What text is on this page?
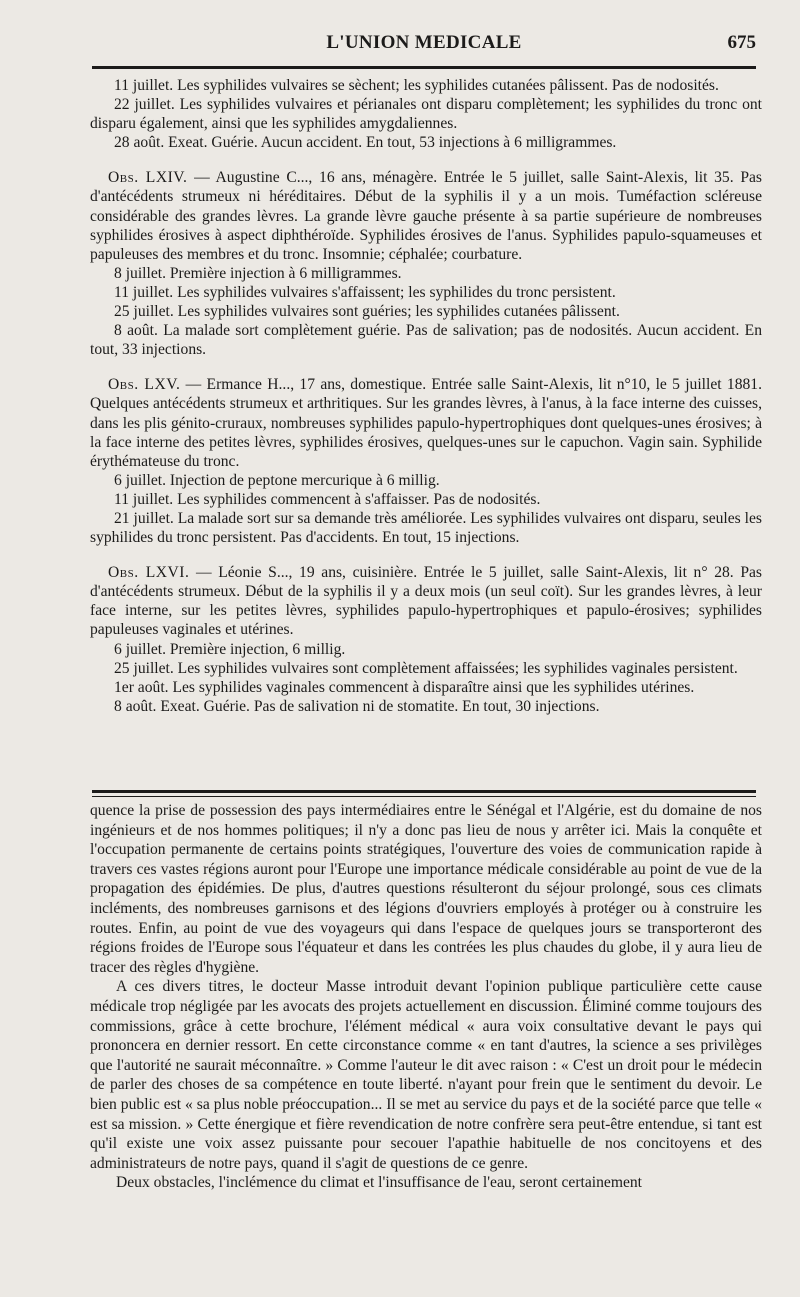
L'UNION MEDICALE	675

11 juillet. Les syphilides vulvaires se sèchent; les syphilides cutanées pâlissent. Pas de nodosités.

22 juillet. Les syphilides vulvaires et périanales ont disparu complètement; les syphilides du tronc ont disparu également, ainsi que les syphilides amygdaliennes.

28 août. Exeat. Guérie. Aucun accident. En tout, 53 injections à 6 milligrammes.

Obs. LXIV. — Augustine C..., 16 ans, ménagère. Entrée le 5 juillet, salle Saint-Alexis, lit 35. Pas d'antécédents strumeux ni héréditaires. Début de la syphilis il y a un mois. Tuméfaction scléreuse considérable des grandes lèvres. La grande lèvre gauche présente à sa partie supérieure de nombreuses syphilides érosives à aspect diphthéroïde. Syphilides érosives de l'anus. Syphilides papulo-squameuses et papuleuses des membres et du tronc. Insomnie; céphalée; courbature.

8 juillet. Première injection à 6 milligrammes.

11 juillet. Les syphilides vulvaires s'affaissent; les syphilides du tronc persistent.

25 juillet. Les syphilides vulvaires sont guéries; les syphilides cutanées pâlissent.

8 août. La malade sort complètement guérie. Pas de salivation; pas de nodosités. Aucun accident. En tout, 33 injections.

Obs. LXV. — Ermance H..., 17 ans, domestique. Entrée salle Saint-Alexis, lit n°10, le 5 juillet 1881. Quelques antécédents strumeux et arthritiques. Sur les grandes lèvres, à l'anus, à la face interne des cuisses, dans les plis génito-cruraux, nombreuses syphilides papulo-hypertrophiques dont quelques-unes érosives; à la face interne des petites lèvres, syphilides érosives, quelques-unes sur le capuchon. Vagin sain. Syphilide érythémateuse du tronc.

6 juillet. Injection de peptone mercurique à 6 millig.

11 juillet. Les syphilides commencent à s'affaisser. Pas de nodosités.

21 juillet. La malade sort sur sa demande très améliorée. Les syphilides vulvaires ont disparu, seules les syphilides du tronc persistent. Pas d'accidents. En tout, 15 injections.

Obs. LXVI. — Léonie S..., 19 ans, cuisinière. Entrée le 5 juillet, salle Saint-Alexis, lit n° 28. Pas d'antécédents strumeux. Début de la syphilis il y a deux mois (un seul coït). Sur les grandes lèvres, à leur face interne, sur les petites lèvres, syphilides papulo-hypertrophiques et papulo-érosives; syphilides papuleuses vaginales et utérines.

6 juillet. Première injection, 6 millig.

25 juillet. Les syphilides vulvaires sont complètement affaissées; les syphilides vaginales persistent.

1er août. Les syphilides vaginales commencent à disparaître ainsi que les syphilides utérines.

8 août. Exeat. Guérie. Pas de salivation ni de stomatite. En tout, 30 injections.

quence la prise de possession des pays intermédiaires entre le Sénégal et l'Algérie, est du domaine de nos ingénieurs et de nos hommes politiques; il n'y a donc pas lieu de nous y arrêter ici. Mais la conquête et l'occupation permanente de certains points stratégiques, l'ouverture des voies de communication rapide à travers ces vastes régions auront pour l'Europe une importance médicale considérable au point de vue de la propagation des épidémies. De plus, d'autres questions résulteront du séjour prolongé, sous ces climats incléments, des nombreuses garnisons et des légions d'ouvriers employés à protéger ou à construire les routes. Enfin, au point de vue des voyageurs qui dans l'espace de quelques jours se transporteront des régions froides de l'Europe sous l'équateur et dans les contrées les plus chaudes du globe, il y aura lieu de tracer des règles d'hygiène.

A ces divers titres, le docteur Masse introduit devant l'opinion publique particulière cette cause médicale trop négligée par les avocats des projets actuellement en discussion. Éliminé comme toujours des commissions, grâce à cette brochure, l'élément médical « aura voix consultative devant le pays qui prononcera en dernier ressort. En cette circonstance comme « en tant d'autres, la science a ses privilèges que l'autorité ne saurait méconnaître. » Comme l'auteur le dit avec raison : « C'est un droit pour le médecin de parler des choses de sa compétence en toute liberté. n'ayant pour frein que le sentiment du devoir. Le bien public est « sa plus noble préoccupation... Il se met au service du pays et de la société parce que telle « est sa mission. » Cette énergique et fière revendication de notre confrère sera peut-être entendue, si tant est qu'il existe une voix assez puissante pour secouer l'apathie habituelle de nos concitoyens et des administrateurs de notre pays, quand il s'agit de questions de ce genre.

Deux obstacles, l'inclémence du climat et l'insuffisance de l'eau, seront certainement
